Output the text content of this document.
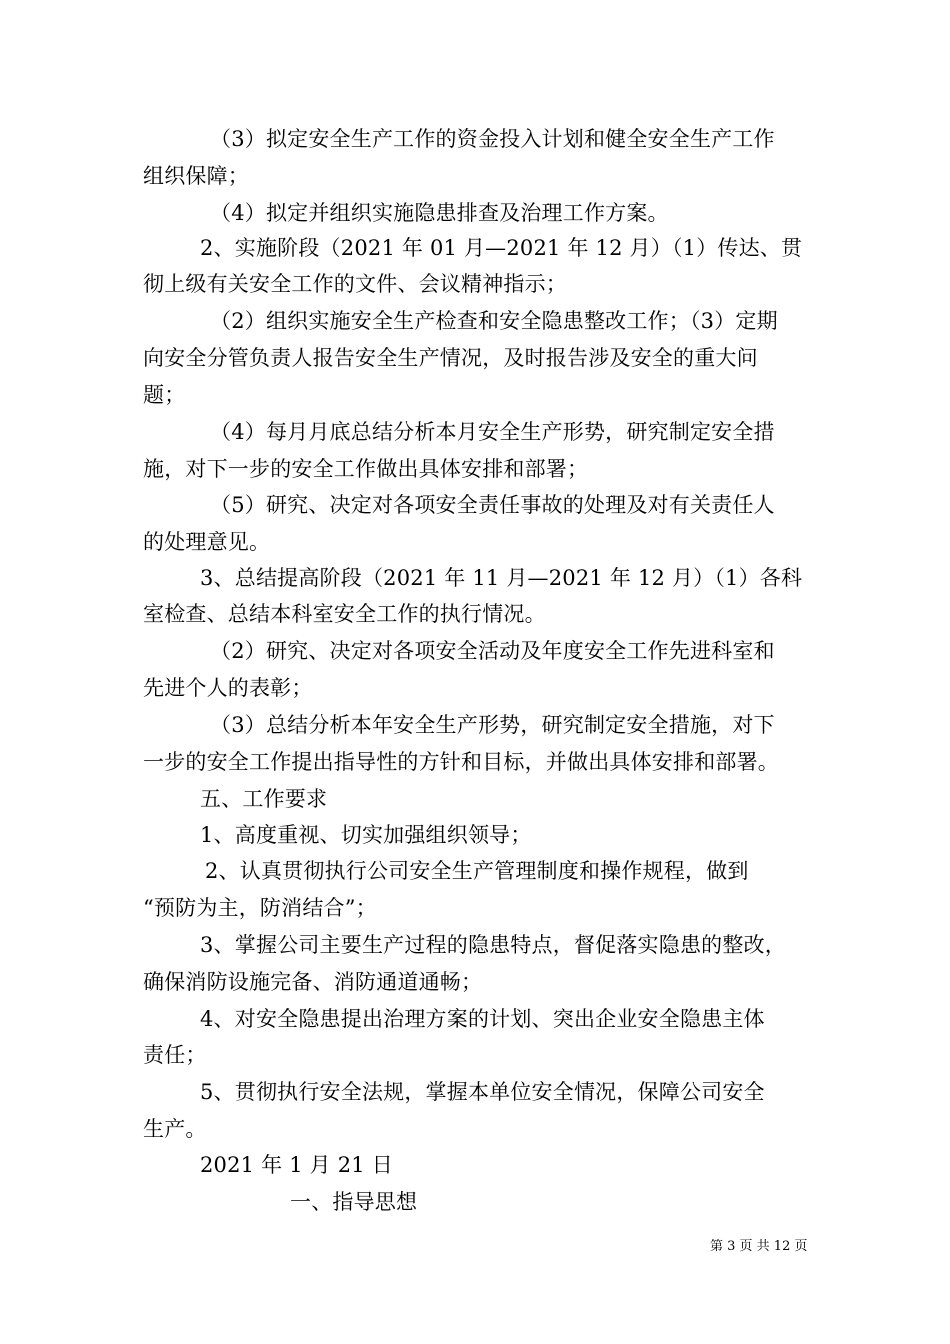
（3）拟定安全生产工作的资金投入计划和健全安全生产工作
组织保障；
（4）拟定并组织实施隐患排查及治理工作方案。
2、实施阶段（2021 年 01 月—2021 年 12 月）（1）传达、贯
彻上级有关安全工作的文件、会议精神指示；
（2）组织实施安全生产检查和安全隐患整改工作；（3）定期
向安全分管负责人报告安全生产情况，及时报告涉及安全的重大问
题；
（4）每月月底总结分析本月安全生产形势，研究制定安全措
施，对下一步的安全工作做出具体安排和部署；
（5）研究、决定对各项安全责任事故的处理及对有关责任人
的处理意见。
3、总结提高阶段（2021 年 11 月—2021 年 12 月）（1）各科
室检查、总结本科室安全工作的执行情况。
（2）研究、决定对各项安全活动及年度安全工作先进科室和
先进个人的表彰；
（3）总结分析本年安全生产形势，研究制定安全措施，对下
一步的安全工作提出指导性的方针和目标，并做出具体安排和部署。
五、工作要求
1、高度重视、切实加强组织领导；
2、认真贯彻执行公司安全生产管理制度和操作规程，做到
“预防为主，防消结合”；
3、掌握公司主要生产过程的隐患特点，督促落实隐患的整改，
确保消防设施完备、消防通道通畅；
4、对安全隐患提出治理方案的计划、突出企业安全隐患主体
责任；
5、贯彻执行安全法规，掌握本单位安全情况，保障公司安全
生产。
2021 年 1 月 21 日
一、指导思想
第 3 页 共 12 页
